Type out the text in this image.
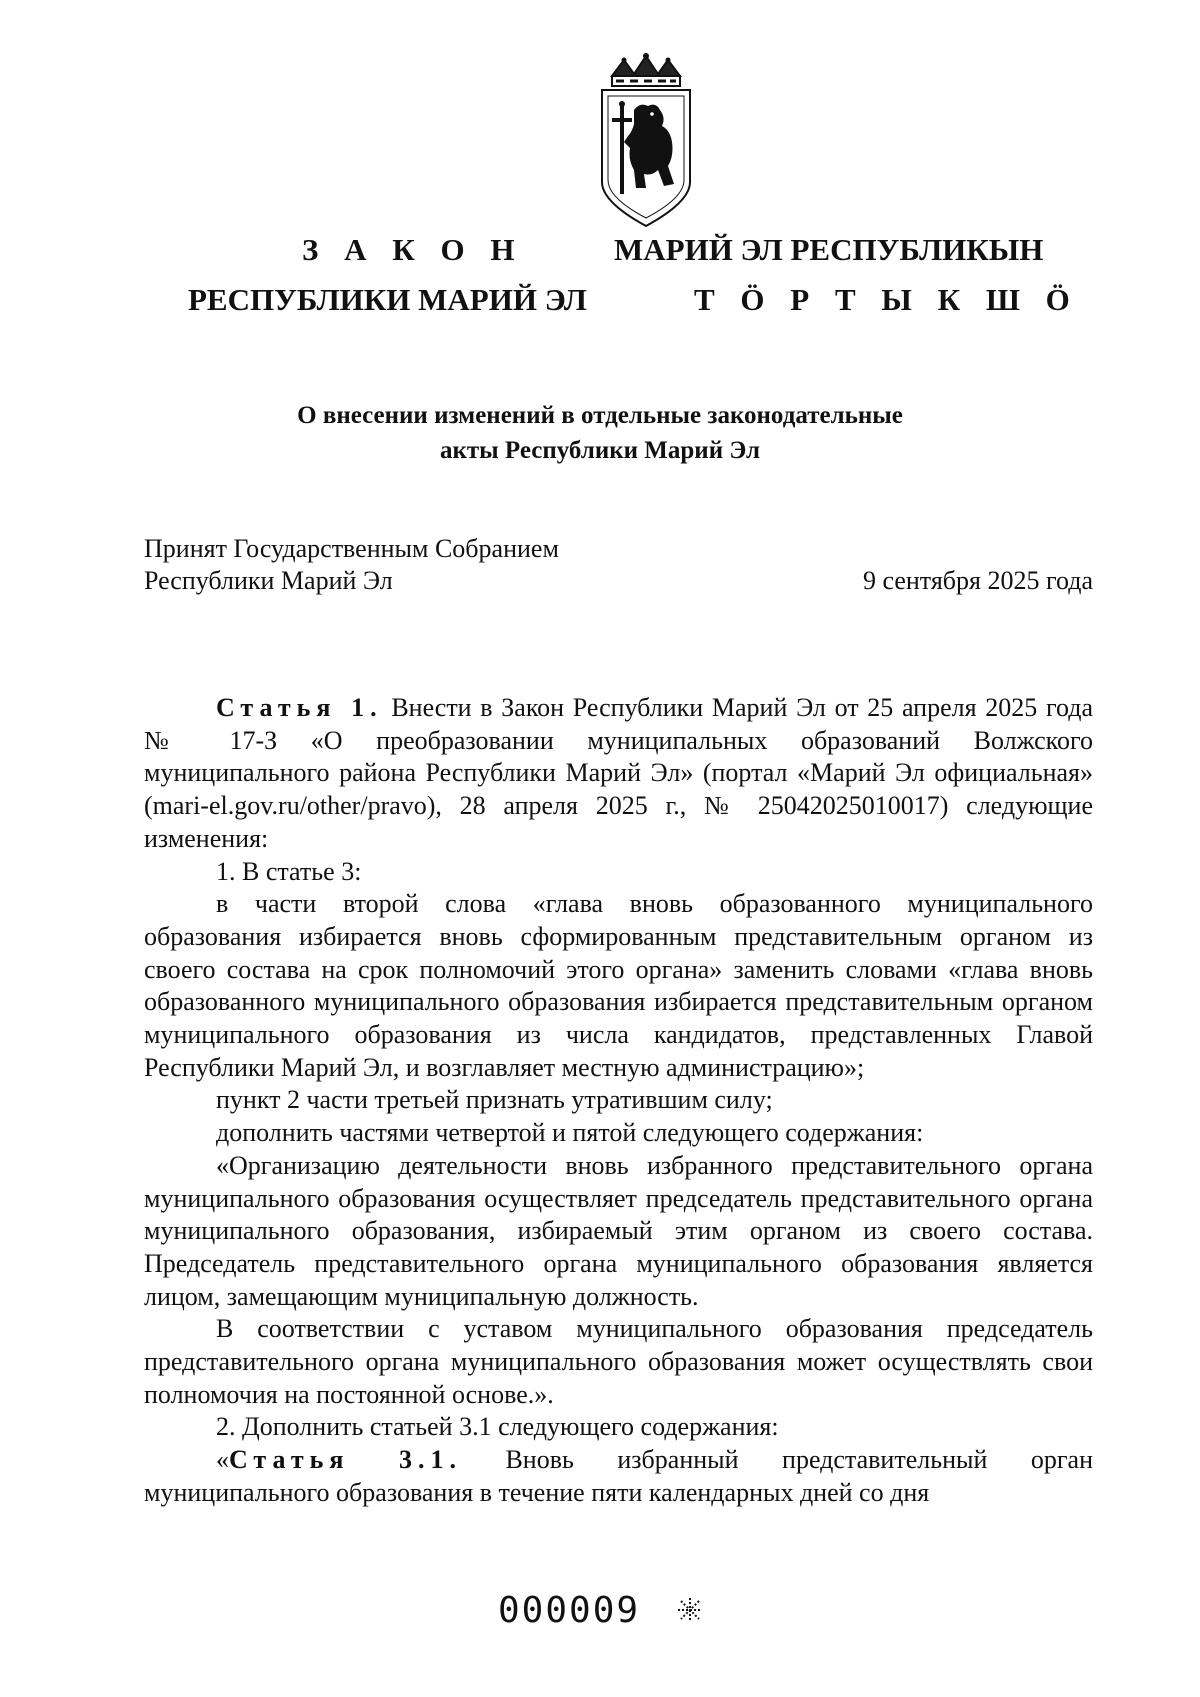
З А К О Н	МАРИЙ ЭЛ РЕСПУБЛИКЫН
РЕСПУБЛИКИ МАРИЙ ЭЛ	Т Ӧ Р Т Ы К Ш Ӧ
О внесении изменений в отдельные законодательные
акты Республики Марий Эл
Принят Государственным Собранием
Республики Марий Эл	9 сентября 2025 года

Статья 1. Внести в Закон Республики Марий Эл от 25 апреля 2025 года № 17-З «О преобразовании муниципальных образований Волжского муниципального района Республики Марий Эл» (портал «Марий Эл официальная» (mari-el.gov.ru/other/pravo), 28 апреля 2025 г., № 25042025010017) следующие изменения:

1. В статье 3:

в части второй слова «глава вновь образованного муниципального образования избирается вновь сформированным представительным органом из своего состава на срок полномочий этого органа» заменить словами «глава вновь образованного муниципального образования избирается представительным органом муниципального образования из числа кандидатов, представленных Главой Республики Марий Эл, и возглавляет местную администрацию»;

пункт 2 части третьей признать утратившим силу;

дополнить частями четвертой и пятой следующего содержания:

«Организацию деятельности вновь избранного представительного органа муниципального образования осуществляет председатель представительного органа муниципального образования, избираемый этим органом из своего состава. Председатель представительного органа муниципального образования является лицом, замещающим муниципальную должность.

В соответствии с уставом муниципального образования председатель представительного органа муниципального образования может осуществлять свои полномочия на постоянной основе.».

2. Дополнить статьей 3.1 следующего содержания:

«Статья 3.1. Вновь избранный представительный орган муниципального образования в течение пяти календарных дней со дня

000009
